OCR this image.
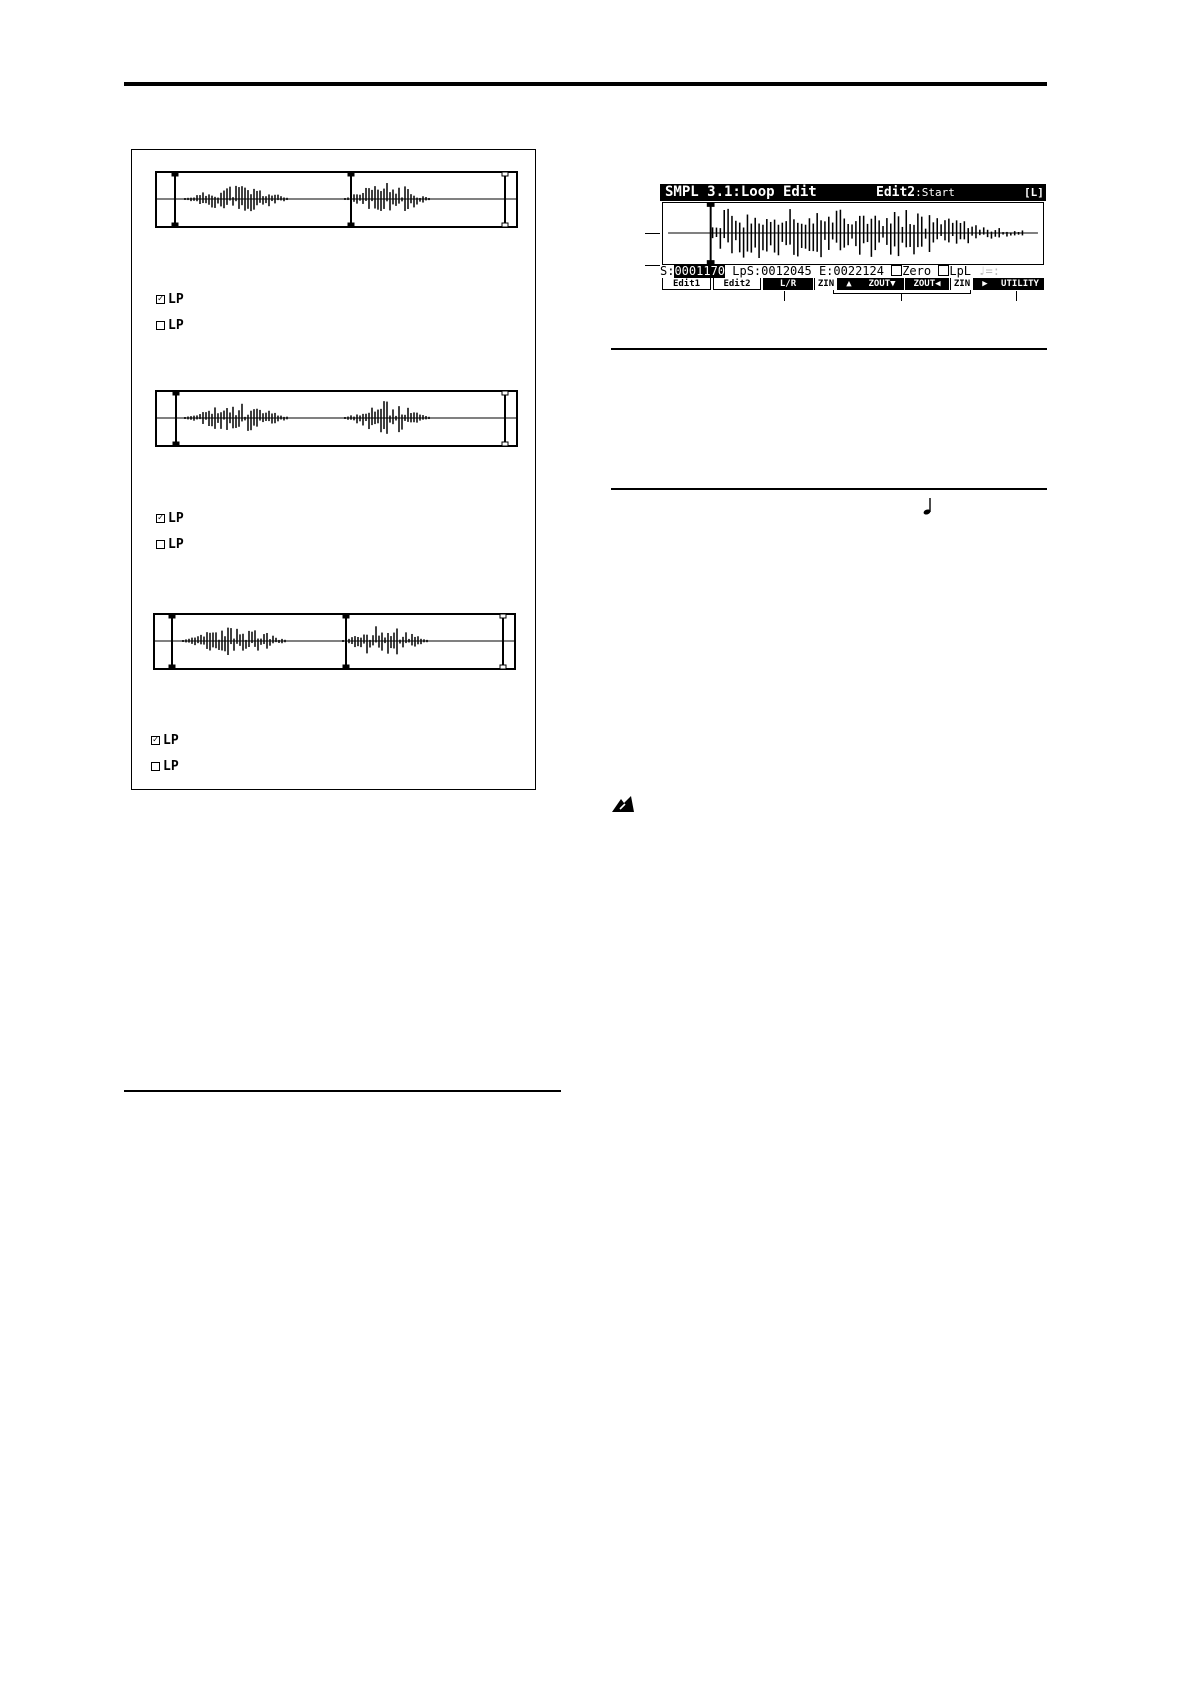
✓ LP
LP
✓ LP
LP
✓ LP
LP
SMPL 3.1:Loop Edit	Edit2:Start	[L]
S:0001170 LpS:0012045 E:0022124 Zero LpL ♩=:
Edit1	Edit2	L/R	ZIN	▲	ZOUT▼	ZOUT◀	ZIN	▶	UTILITY
